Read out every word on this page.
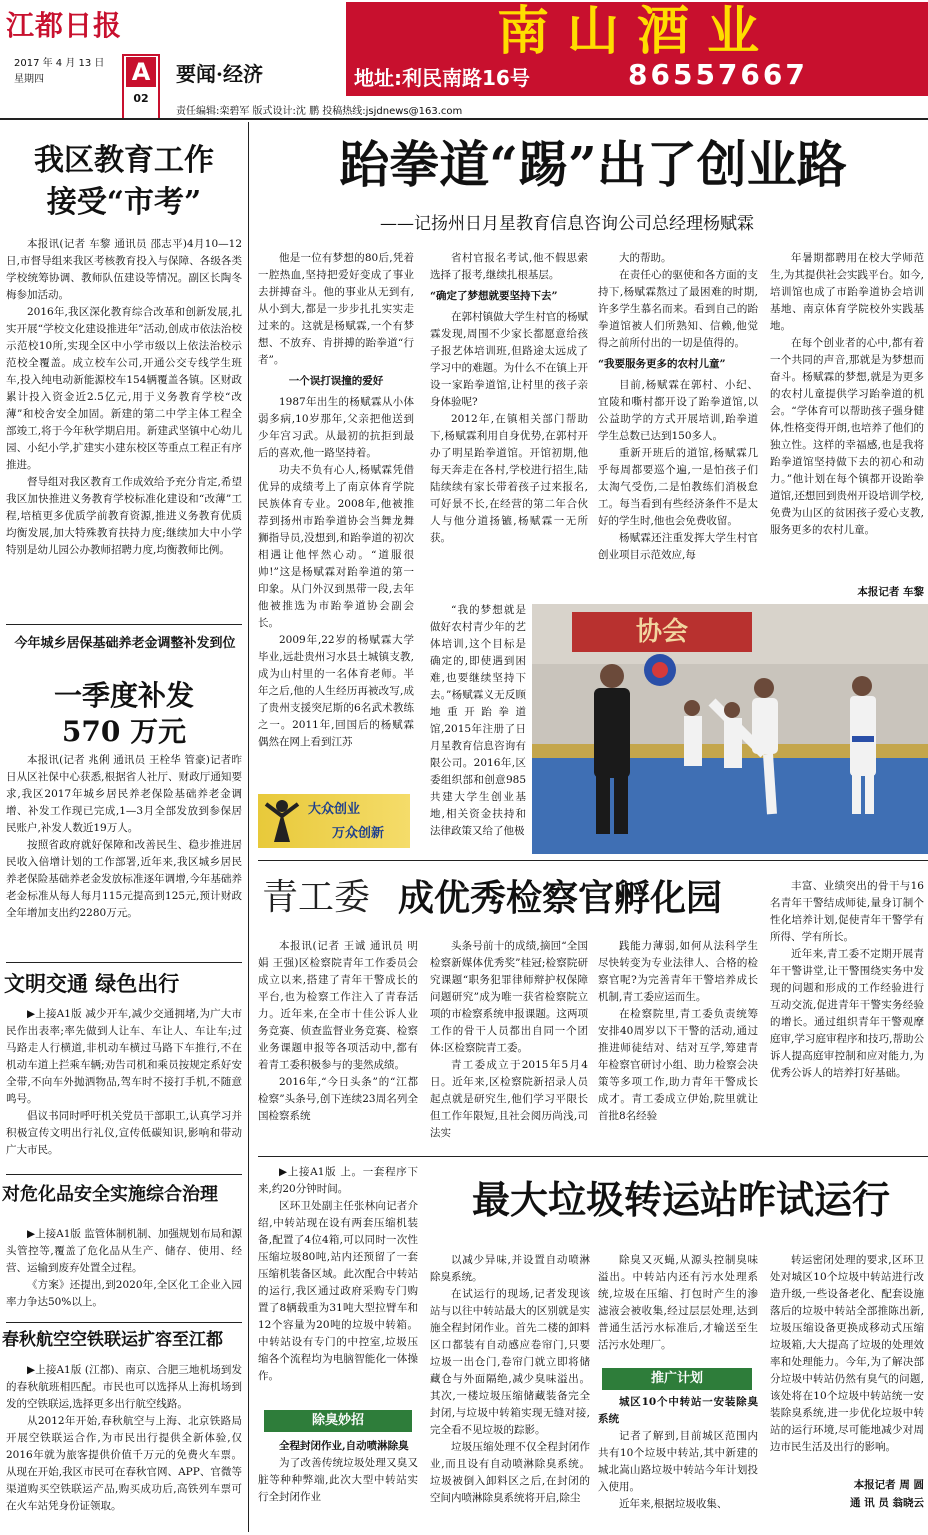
江都日报
2017 年 4 月 13 日
星期四	A
02
要闻·经济
责任编辑:栾碧军 版式设计:沈 鹏 投稿热线:jsjdnews@163.com
南山酒业
地址:利民南路16号	86557667
我区教育工作
接受“市考”

本报讯(记者 车黎 通讯员 邵志平)4月10—12日,市督导组来我区考核教育投入与保障、各级各类学校统筹协调、教师队伍建设等情况。副区长陶冬梅参加活动。

2016年,我区深化教育综合改革和创新发展,扎实开展“学校文化建设推进年”活动,创成市依法治校示范校10所,实现全区中小学市级以上依法治校示范校全覆盖。成立校车公司,开通公交专线学生班车,投入纯电动新能源校车154辆覆盖各镇。区财政累计投入资金近2.5亿元,用于义务教育学校“改薄”和校舍安全加固。新建的第二中学主体工程全部竣工,将于今年秋学期启用。新建武坚镇中心幼儿园、小纪小学,扩建实小建东校区等重点工程正有序推进。

督导组对我区教育工作成效给予充分肯定,希望我区加快推进义务教育学校标准化建设和“改薄”工程,培植更多优质学前教育资源,推进义务教育优质均衡发展,加大特殊教育扶持力度;继续加大中小学特别是幼儿园公办教师招聘力度,均衡教师比例。

今年城乡居保基础养老金调整补发到位
一季度补发
570 万元

本报讯(记者 兆俐 通讯员 王栓华 管豪)记者昨日从区社保中心获悉,根据省人社厅、财政厅通知要求,我区2017年城乡居民养老保险基础养老金调增、补发工作现已完成,1—3月全部发放到参保居民账户,补发人数近19万人。

按照省政府就好保障和改善民生、稳步推进居民收入倍增计划的工作部署,近年来,我区城乡居民养老保险基础养老金发放标准逐年调增,今年基础养老金标准从每人每月115元提高到125元,预计财政全年增加支出约2280万元。

文明交通 绿色出行

▶上接A1版 减少开车,减少交通拥堵,为广大市民作出表率;率先做到人让车、车让人、车让车;过马路走人行横道,非机动车横过马路下车推行,不在机动车道上拦乘车辆;劝告司机和乘员按规定系好安全带,不向车外抛洒物品,驾车时不接打手机,不随意鸣号。

倡议书同时呼吁机关党员干部职工,认真学习并积极宣传文明出行礼仪,宣传低碳知识,影响和带动广大市民。

对危化品安全实施综合治理

▶上接A1版 监管体制机制、加强规划布局和源头管控等,覆盖了危化品从生产、储存、使用、经营、运输到废弃处置全过程。

《方案》还提出,到2020年,全区化工企业入园率力争达50%以上。

春秋航空空铁联运扩容至江都

▶上接A1版 (江都)、南京、合肥三地机场到发的春秋航班相匹配。市民也可以选择从上海机场到发的空铁联运,选择更多出行航空线路。

从2012年开始,春秋航空与上海、北京铁路局开展空铁联运合作,为市民出行提供全新体验,仅2016年就为旅客提供价值千万元的免费火车票。从现在开始,我区市民可在春秋官网、APP、官微等渠道购买空铁联运产品,购买成功后,高铁列车票可在火车站凭身份证领取。

跆拳道“踢”出了创业路
——记扬州日月星教育信息咨询公司总经理杨赋霖

他是一位有梦想的80后,凭着一腔热血,坚持把爱好变成了事业去拼搏奋斗。他的事业从无到有,从小到大,都是一步步扎扎实实走过来的。这就是杨赋霖,一个有梦想、不放弃、肯拼搏的跆拳道“行者”。

一个误打误撞的爱好

1987年出生的杨赋霖从小体弱多病,10岁那年,父亲把他送到少年宫习武。从最初的抗拒到最后的喜欢,他一路坚持着。

功夫不负有心人,杨赋霖凭借优异的成绩考上了南京体育学院民族体育专业。2008年,他被推荐到扬州市跆拳道协会当舞龙舞狮指导员,没想到,和跆拳道的初次相遇让他怦然心动。“道服很帅!”这是杨赋霖对跆拳道的第一印象。从门外汉到黑带一段,去年他被推选为市跆拳道协会副会长。

2009年,22岁的杨赋霖大学毕业,远赴贵州习水县土城镇支教,成为山村里的一名体育老师。半年之后,他的人生经历再被改写,成了贵州支援突尼斯的6名武术教练之一。2011年,回国后的杨赋霖偶然在网上看到江苏

大众创业
万众创新

省村官报名考试,他不假思索选择了报考,继续扎根基层。

“确定了梦想就要坚持下去”

在郭村镇做大学生村官的杨赋霖发现,周围不少家长都愿意给孩子报艺体培训班,但路途太远成了学习中的难题。为什么不在镇上开设一家跆拳道馆,让村里的孩子亲身体验呢?

2012年,在镇相关部门帮助下,杨赋霖利用自身优势,在郭村开办了明星跆拳道馆。开馆初期,他每天奔走在各村,学校进行招生,陆陆续续有家长带着孩子过来报名,可好景不长,在经营的第二年合伙人与他分道扬镳,杨赋霖一无所获。

“我的梦想就是做好农村青少年的艺体培训,这个目标是确定的,即使遇到困难,也要继续坚持下去。”杨赋霖义无反顾地重开跆拳道馆,2015年注册了日月星教育信息咨询有限公司。2016年,区委组织部和创意985共建大学生创业基地,相关资金扶持和法律政策又给了他极

大的帮助。

在责任心的驱使和各方面的支持下,杨赋霖熬过了最困难的时期,许多学生慕名而来。看到自己的跆拳道馆被人们所熟知、信赖,他觉得之前所付出的一切是值得的。

“我要服务更多的农村儿童”

目前,杨赋霖在郭村、小纪、宜陵和嘶村都开设了跆拳道馆,以公益助学的方式开展培训,跆拳道学生总数已达到150多人。

重新开班后的道馆,杨赋霖几乎每周都要巡个遍,一是怕孩子们太淘气受伤,二是怕教练们消极怠工。每当看到有些经济条件不是太好的学生时,他也会免费收留。

杨赋霖还注重发挥大学生村官创业项目示范效应,每

年暑期都聘用在校大学师范生,为其提供社会实践平台。如今,培训馆也成了市跆拳道协会培训基地、南京体育学院校外实践基地。

在每个创业者的心中,都有着一个共同的声音,那就是为梦想而奋斗。杨赋霖的梦想,就是为更多的农村儿童提供学习跆拳道的机会。“学体育可以帮助孩子强身健体,性格变得开朗,也培养了他们的独立性。这样的幸福感,也是我将跆拳道馆坚持做下去的初心和动力。”他计划在每个镇都开设跆拳道馆,还想回到贵州开设培训学校,免费为山区的贫困孩子爱心支教,服务更多的农村儿童。

本报记者 车黎
协会
青工委 成优秀检察官孵化园

本报讯(记者 王诚 通讯员 明娟 王强)区检察院青年工作委员会成立以来,搭建了青年干警成长的平台,也为检察工作注入了青春活力。近年来,在全市十佳公诉人业务竞赛、侦查监督业务竞赛、检察业务课题申报等各项活动中,都有着青工委积极参与的斐然成绩。

2016年,“今日头条”的“江都检察”头条号,创下连续23周名列全国检察系统

头条号前十的成绩,摘回“全国检察新媒体优秀奖”桂冠;检察院研究课题“职务犯罪律师辩护权保障问题研究”成为唯一获省检察院立项的市检察系统申报课题。这两项工作的骨干人员都出自同一个团体:区检察院青工委。

青工委成立于2015年5月4日。近年来,区检察院新招录人员起点就是研究生,他们学习平限长但工作年限短,且社会阅历尚浅,司法实

践能力薄弱,如何从法科学生尽快转变为专业法律人、合格的检察官呢?为完善青年干警培养成长机制,青工委应运而生。

在检察院里,青工委负责统筹安排40周岁以下干警的活动,通过推进师徒结对、结对互学,筹建青年检察官研讨小组、助力检察会决策等多项工作,助力青年干警成长成才。青工委成立伊始,院里就让首批8名经验

丰富、业绩突出的骨干与16名青年干警结成师徒,量身订制个性化培养计划,促使青年干警学有所得、学有所长。

近年来,青工委不定期开展青年干警讲堂,让干警围绕实务中发现的问题和形成的工作经验进行互动交流,促进青年干警实务经验的增长。通过组织青年干警观摩庭审,学习庭审程序和技巧,帮助公诉人提高庭审控制和应对能力,为优秀公诉人的培养打好基础。

最大垃圾转运站昨试运行

▶上接A1版 上。一套程序下来,约20分钟时间。

区环卫处副主任张林向记者介绍,中转站现在设有两套压缩机装备,配置了4位4箱,可以同时一次性压缩垃圾80吨,站内还预留了一套压缩机装备区域。此次配合中转站的运行,我区通过政府采购专门购置了8辆载重为31吨大型拉臂车和12个容量为20吨的垃圾中转箱。中转站设有专门的中控室,垃圾压缩各个流程均为电脑智能化一体操作。

除臭妙招

全程封闭作业,自动喷淋除臭

为了改善传统垃圾处理又臭又脏等种种弊端,此次大型中转站实行全封闭作业

以减少异味,并设置自动喷淋除臭系统。

在试运行的现场,记者发现该站与以往中转站最大的区别就是实施全程封闭作业。首先二楼的卸料区口都装有自动感应卷帘门,只要垃圾一出仓门,卷帘门就立即将储藏仓与外面隔绝,减少臭味溢出。其次,一楼垃圾压缩储藏装备完全封闭,与垃圾中转箱实现无缝对接,完全看不见垃圾的踪影。

垃圾压缩处理不仅全程封闭作业,而且设有自动喷淋除臭系统。垃圾被倒入卸料区之后,在封闭的空间内喷淋除臭系统将开启,除尘

除臭又灭蝇,从源头控制臭味溢出。中转站内还有污水处理系统,垃圾在压缩、打包时产生的渗滤液会被收集,经过层层处理,达到普通生活污水标准后,才输送至生活污水处理厂。

推广计划

城区10个中转站一安装除臭系统

记者了解到,目前城区范围内共有10个垃圾中转站,其中新建的城北嵩山路垃圾中转站今年计划投入使用。

近年来,根据垃圾收集、

转运密闭处理的要求,区环卫处对城区10个垃圾中转站进行改造升级,一些设备老化、配套设施落后的垃圾中转站全部推陈出新,垃圾压缩设备更换成移动式压缩垃圾箱,大大提高了垃圾的处理效率和处理能力。今年,为了解决部分垃圾中转站仍然有臭气的问题,该处将在10个垃圾中转站统一安装除臭系统,进一步优化垃圾中转站的运行环境,尽可能地减少对周边市民生活及出行的影响。

本报记者 周 圆
通 讯 员 翁晓云
